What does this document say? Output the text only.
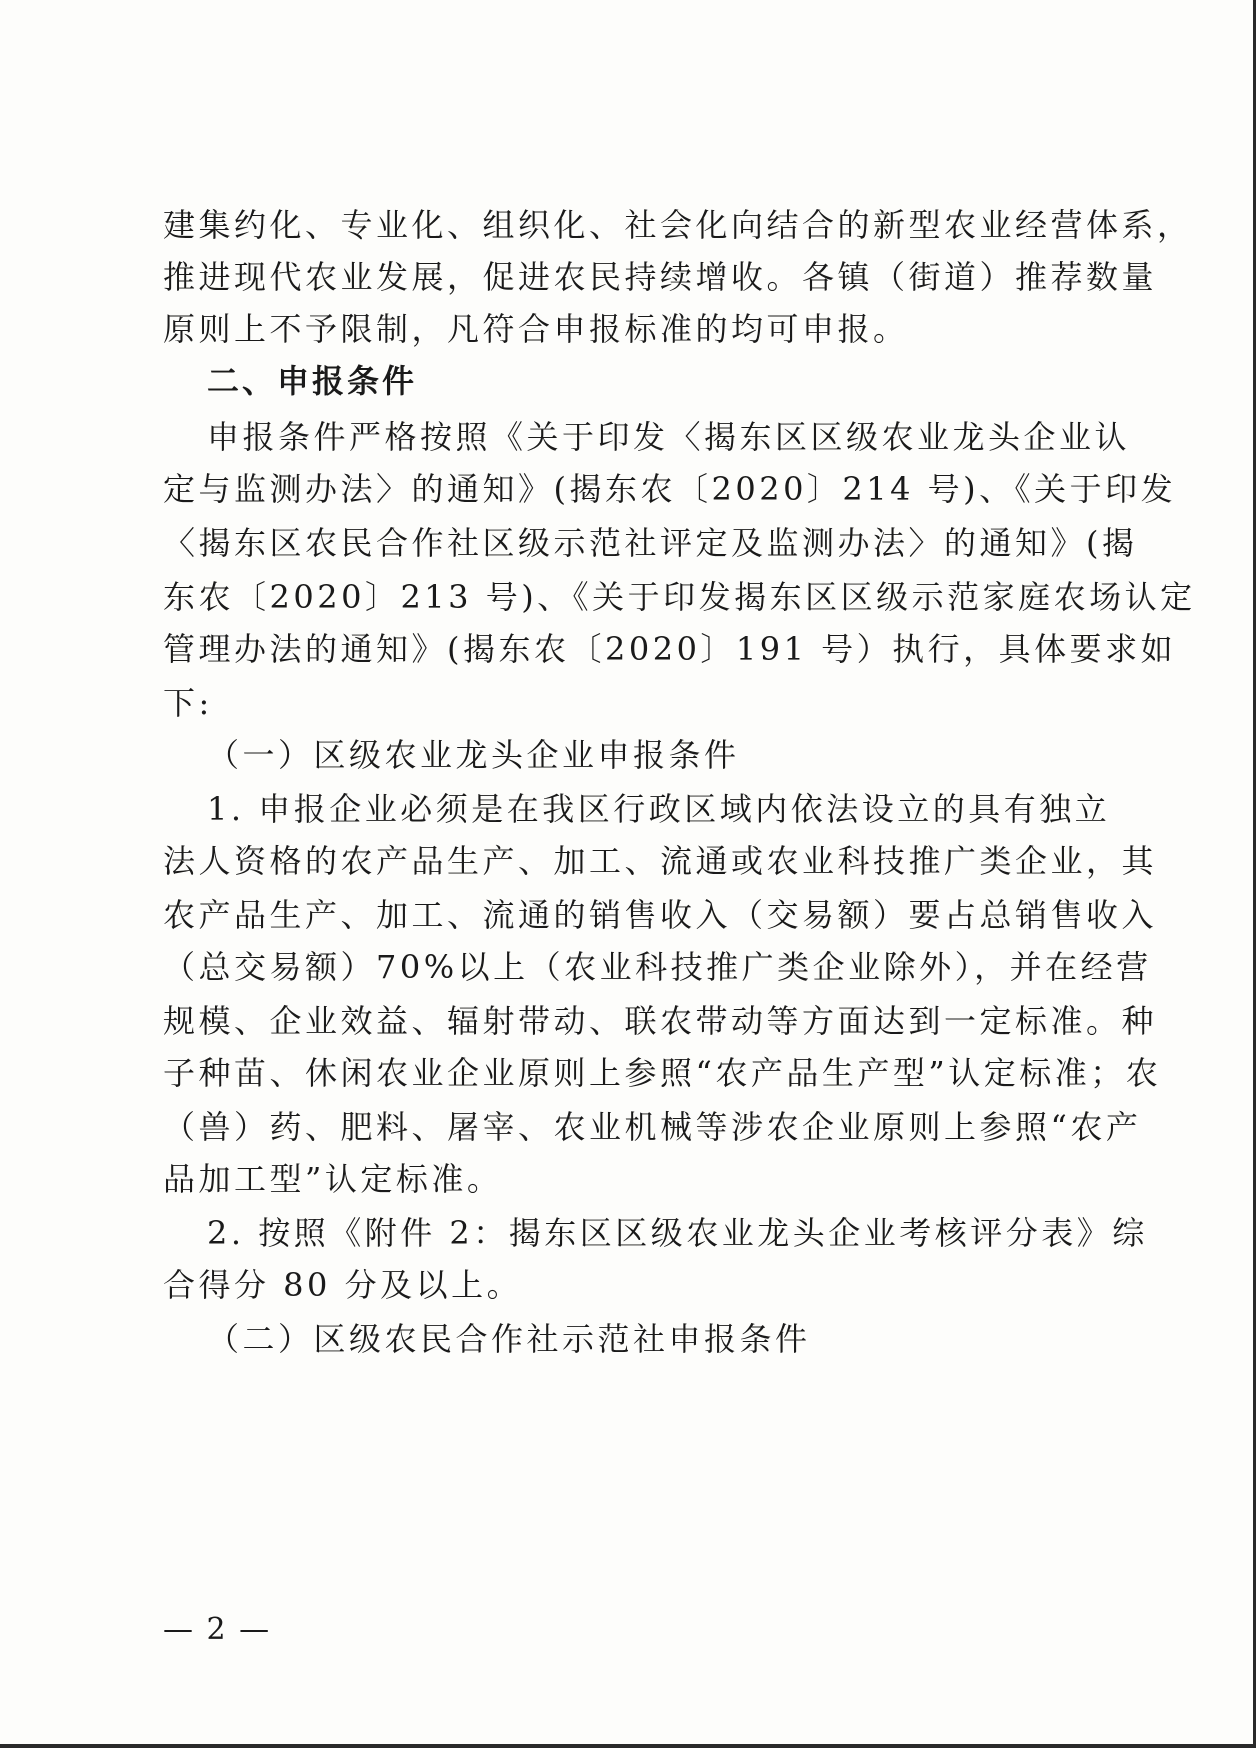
建集约化、专业化、组织化、社会化向结合的新型农业经营体系，
推进现代农业发展，促进农民持续增收。各镇（街道）推荐数量
原则上不予限制，凡符合申报标准的均可申报。
二、申报条件
申报条件严格按照《关于印发〈揭东区区级农业龙头企业认
定与监测办法〉的通知》(揭东农〔2020〕214 号)、《关于印发
〈揭东区农民合作社区级示范社评定及监测办法〉的通知》(揭
东农〔2020〕213 号)、《关于印发揭东区区级示范家庭农场认定
管理办法的通知》(揭东农〔2020〕191 号）执行，具体要求如
下:
（一）区级农业龙头企业申报条件
1. 申报企业必须是在我区行政区域内依法设立的具有独立
法人资格的农产品生产、加工、流通或农业科技推广类企业，其
农产品生产、加工、流通的销售收入（交易额）要占总销售收入
（总交易额）70%以上（农业科技推广类企业除外），并在经营
规模、企业效益、辐射带动、联农带动等方面达到一定标准。种
子种苗、休闲农业企业原则上参照“农产品生产型”认定标准；农
（兽）药、肥料、屠宰、农业机械等涉农企业原则上参照“农产
品加工型”认定标准。
2. 按照《附件 2：揭东区区级农业龙头企业考核评分表》综
合得分 80 分及以上。
（二）区级农民合作社示范社申报条件
— 2 —
